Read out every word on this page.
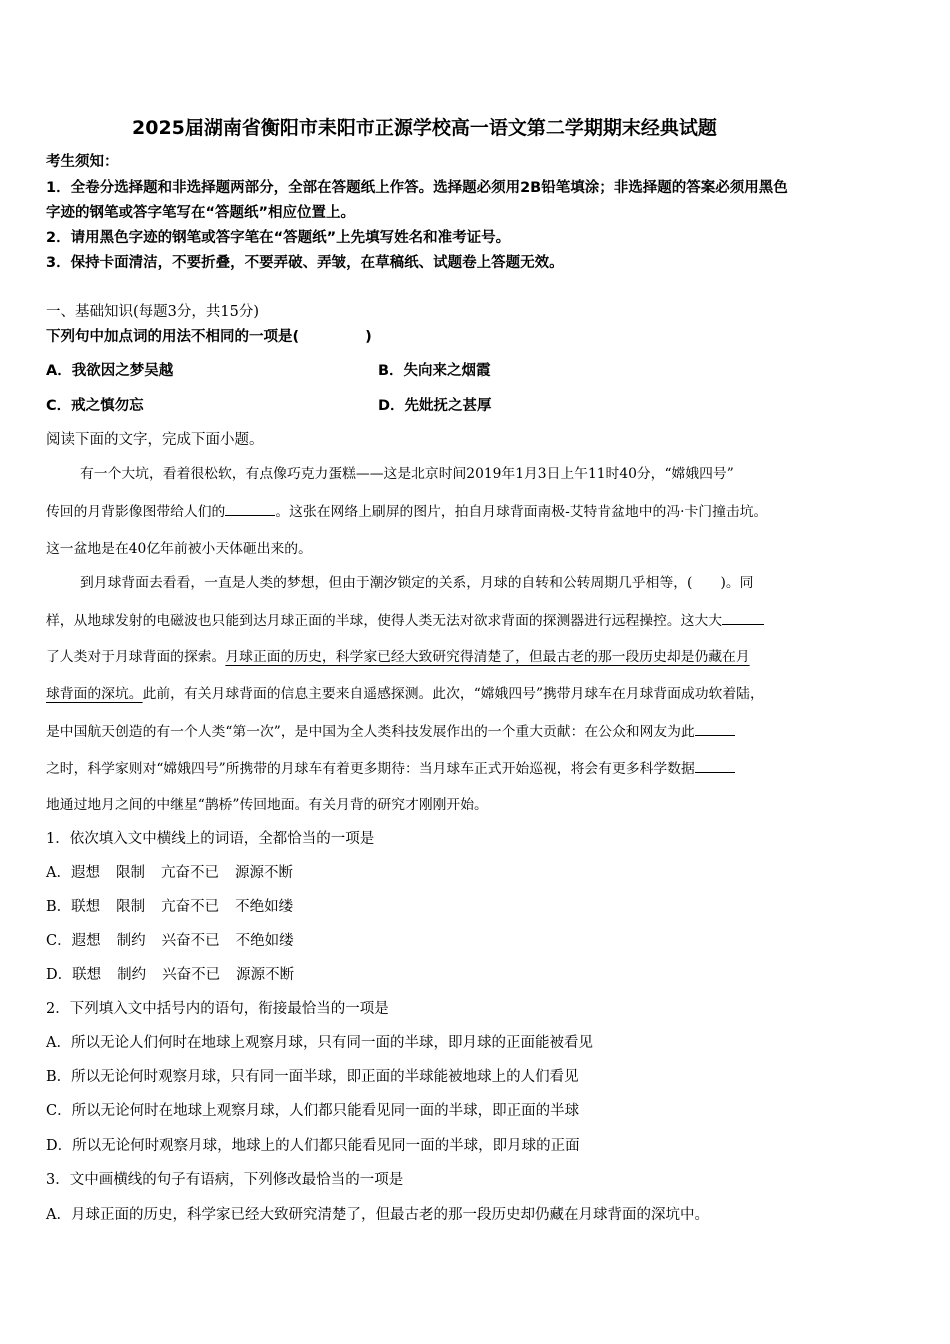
2025届湖南省衡阳市耒阳市正源学校高一语文第二学期期末经典试题
考生须知：
1．全卷分选择题和非选择题两部分，全部在答题纸上作答。选择题必须用2B铅笔填涂；非选择题的答案必须用黑色
字迹的钢笔或答字笔写在“答题纸”相应位置上。
2．请用黑色字迹的钢笔或答字笔在“答题纸”上先填写姓名和准考证号。
3．保持卡面清洁，不要折叠，不要弄破、弄皱，在草稿纸、试题卷上答题无效。
一、基础知识(每题3分，共15分)
下列句中加点词的用法不相同的一项是(	)
A．我欲因之梦吴越	B．失向来之烟霞
C．戒之慎勿忘	D．先妣抚之甚厚
阅读下面的文字，完成下面小题。
有一个大坑，看着很松软，有点像巧克力蛋糕——这是北京时间2019年1月3日上午11时40分，“嫦娥四号”
传回的月背影像图带给人们的	。这张在网络上刷屏的图片，拍自月球背面南极-艾特肯盆地中的冯·卡门撞击坑。
这一盆地是在40亿年前被小天体砸出来的。
到月球背面去看看，一直是人类的梦想，但由于潮汐锁定的关系，月球的自转和公转周期几乎相等，( )。同
样，从地球发射的电磁波也只能到达月球正面的半球，使得人类无法对欲求背面的探测器进行远程操控。这大大
了人类对于月球背面的探索。月球正面的历史，科学家已经大致研究得清楚了，但最古老的那一段历史却是仍藏在月
球背面的深坑。此前，有关月球背面的信息主要来自遥感探测。此次，“嫦娥四号”携带月球车在月球背面成功软着陆，
是中国航天创造的有一个人类“第一次”，是中国为全人类科技发展作出的一个重大贡献：在公众和网友为此
之时，科学家则对“嫦娥四号”所携带的月球车有着更多期待：当月球车正式开始巡视，将会有更多科学数据
地通过地月之间的中继星“鹊桥”传回地面。有关月背的研究才刚刚开始。
1．依次填入文中横线上的词语，全都恰当的一项是
A．遐想 限制 亢奋不已 源源不断
B．联想 限制 亢奋不已 不绝如缕
C．遐想 制约 兴奋不已 不绝如缕
D．联想 制约 兴奋不已 源源不断
2．下列填入文中括号内的语句，衔接最恰当的一项是
A．所以无论人们何时在地球上观察月球，只有同一面的半球，即月球的正面能被看见
B．所以无论何时观察月球，只有同一面半球，即正面的半球能被地球上的人们看见
C．所以无论何时在地球上观察月球，人们都只能看见同一面的半球，即正面的半球
D．所以无论何时观察月球，地球上的人们都只能看见同一面的半球，即月球的正面
3．文中画横线的句子有语病，下列修改最恰当的一项是
A．月球正面的历史，科学家已经大致研究清楚了，但最古老的那一段历史却仍藏在月球背面的深坑中。
